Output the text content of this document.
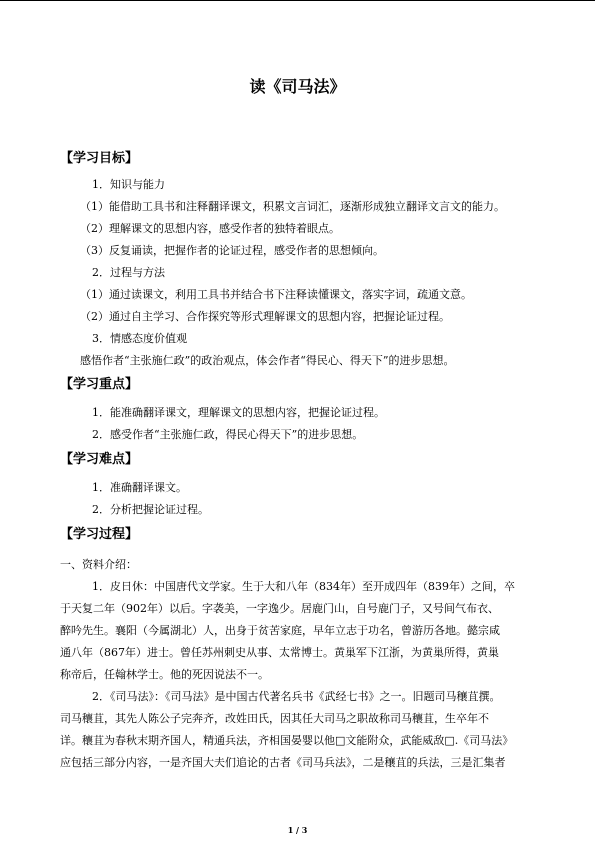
读《司马法》
【学习目标】
1．知识与能力
（1）能借助工具书和注释翻译课文，积累文言词汇，逐渐形成独立翻译文言文的能力。
（2）理解课文的思想内容，感受作者的独特着眼点。
（3）反复诵读，把握作者的论证过程，感受作者的思想倾向。
2．过程与方法
（1）通过读课文，利用工具书并结合书下注释读懂课文，落实字词，疏通文意。
（2）通过自主学习、合作探究等形式理解课文的思想内容，把握论证过程。
3．情感态度价值观
感悟作者“主张施仁政”的政治观点，体会作者“得民心、得天下”的进步思想。
【学习重点】
1．能准确翻译课文，理解课文的思想内容，把握论证过程。
2．感受作者“主张施仁政，得民心得天下”的进步思想。
【学习难点】
1．准确翻译课文。
2．分析把握论证过程。
【学习过程】
一、资料介绍：
1．皮日休：中国唐代文学家。生于大和八年（834年）至开成四年（839年）之间，卒
于天复二年（902年）以后。字袭美，一字逸少。居鹿门山，自号鹿门子，又号间气布衣、
醉吟先生。襄阳（今属湖北）人，出身于贫苦家庭，早年立志于功名，曾游历各地。懿宗咸
通八年（867年）进士。曾任苏州刺史从事、太常博士。黄巢军下江浙，为黄巢所得，黄巢
称帝后，任翰林学士。他的死因说法不一。
2．《司马法》：《司马法》是中国古代著名兵书《武经七书》之一。旧题司马穰苴撰。
司马穰苴，其先人陈公子完奔齐，改姓田氏，因其任大司马之职故称司马穰苴，生卒年不
详。穰苴为春秋末期齐国人，精通兵法，齐相国晏婴以他□文能附众，武能威敌□.《司马法》
应包括三部分内容，一是齐国大夫们追论的古者《司马兵法》，二是穰苴的兵法，三是汇集者
1 / 3
